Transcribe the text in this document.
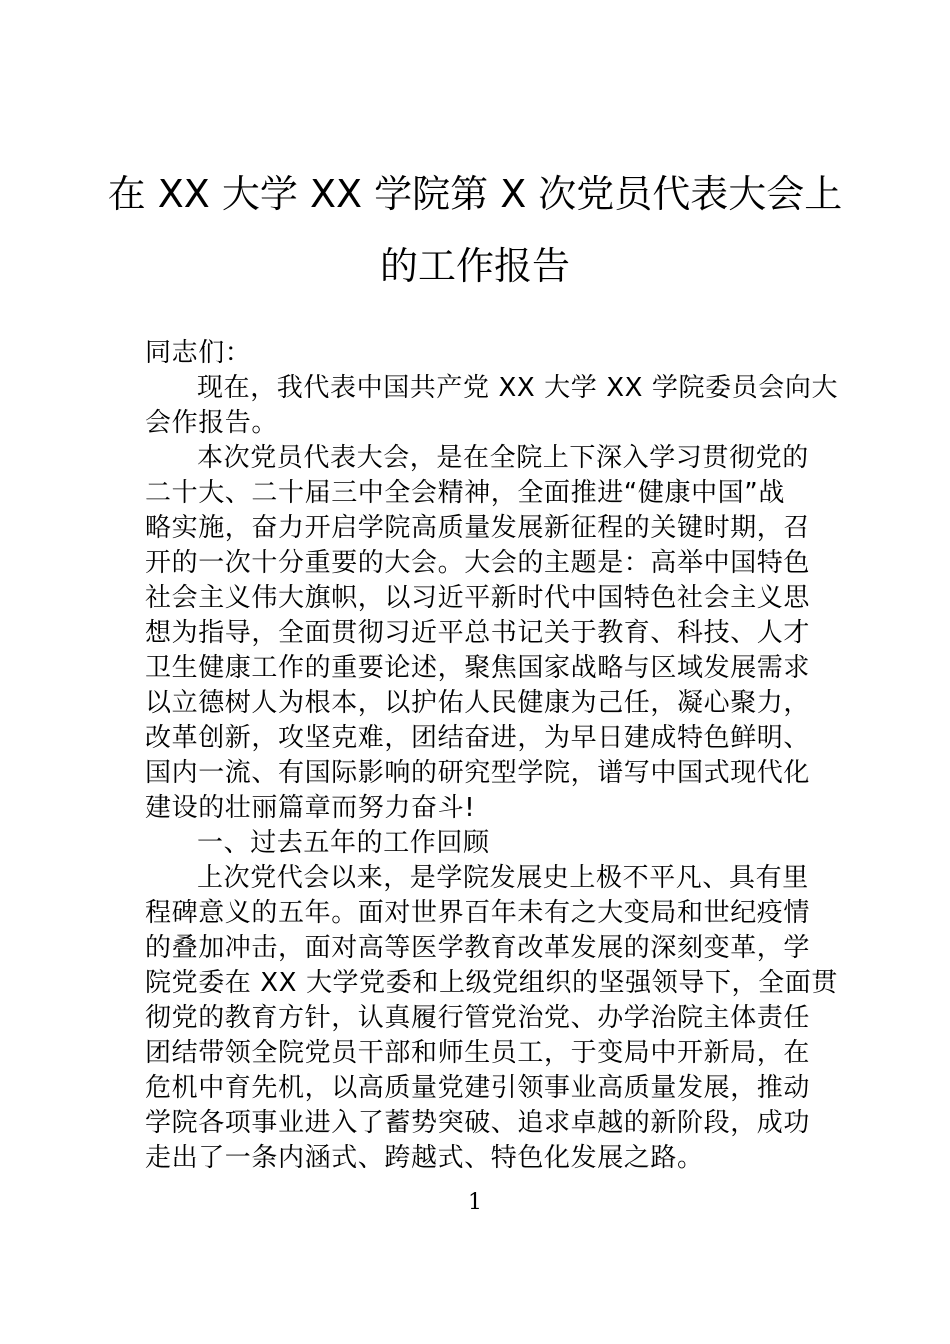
在 XX 大学 XX 学院第 X 次党员代表大会上
的工作报告
同志们：
现在，我代表中国共产党 XX 大学 XX 学院委员会向大
会作报告。
本次党员代表大会，是在全院上下深入学习贯彻党的
二十大、二十届三中全会精神，全面推进“健康中国”战
略实施，奋力开启学院高质量发展新征程的关键时期，召
开的一次十分重要的大会。大会的主题是：高举中国特色
社会主义伟大旗帜，以习近平新时代中国特色社会主义思
想为指导，全面贯彻习近平总书记关于教育、科技、人才
卫生健康工作的重要论述，聚焦国家战略与区域发展需求
以立德树人为根本，以护佑人民健康为己任，凝心聚力，
改革创新，攻坚克难，团结奋进，为早日建成特色鲜明、
国内一流、有国际影响的研究型学院，谱写中国式现代化
建设的壮丽篇章而努力奋斗!
一、过去五年的工作回顾
上次党代会以来，是学院发展史上极不平凡、具有里
程碑意义的五年。面对世界百年未有之大变局和世纪疫情
的叠加冲击，面对高等医学教育改革发展的深刻变革，学
院党委在 XX 大学党委和上级党组织的坚强领导下，全面贯
彻党的教育方针，认真履行管党治党、办学治院主体责任
团结带领全院党员干部和师生员工，于变局中开新局，在
危机中育先机，以高质量党建引领事业高质量发展，推动
学院各项事业进入了蓄势突破、追求卓越的新阶段，成功
走出了一条内涵式、跨越式、特色化发展之路。
1
